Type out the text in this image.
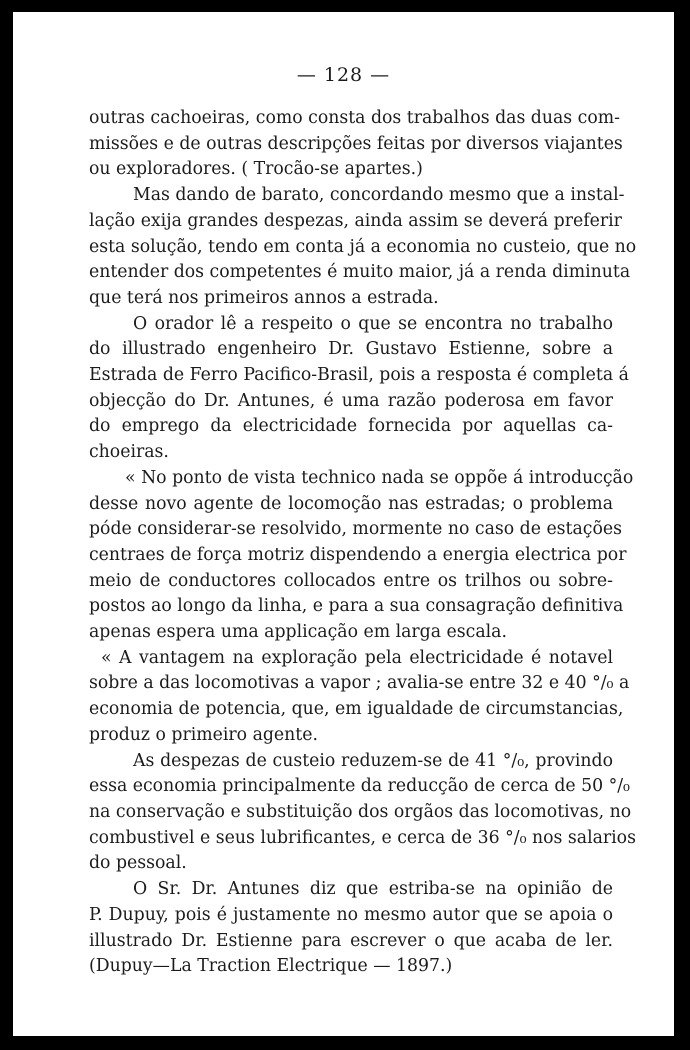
— 128 —
outras cachoeiras, como consta dos trabalhos das duas com-
missões e de outras descripções feitas por diversos viajantes
ou exploradores. ( Trocão-se apartes.)
Mas dando de barato, concordando mesmo que a instal-
lação exija grandes despezas, ainda assim se deverá preferir
esta solução, tendo em conta já a economia no custeio, que no
entender dos competentes é muito maior, já a renda diminuta
que terá nos primeiros annos a estrada.
O orador lê a respeito o que se encontra no trabalho
do illustrado engenheiro Dr. Gustavo Estienne, sobre a
Estrada de Ferro Pacifico-Brasil, pois a resposta é completa á
objecção do Dr. Antunes, é uma razão poderosa em favor
do emprego da electricidade fornecida por aquellas ca-
choeiras.
« No ponto de vista technico nada se oppõe á introducção
desse novo agente de locomoção nas estradas; o problema
póde considerar-se resolvido, mormente no caso de estações
centraes de força motriz dispendendo a energia electrica por
meio de conductores collocados entre os trilhos ou sobre-
postos ao longo da linha, e para a sua consagração definitiva
apenas espera uma applicação em larga escala.
« A vantagem na exploração pela electricidade é notavel
sobre a das locomotivas a vapor ; avalia-se entre 32 e 40 °/₀ a
economia de potencia, que, em igualdade de circumstancias,
produz o primeiro agente.
As despezas de custeio reduzem-se de 41 °/₀, provindo
essa economia principalmente da reducção de cerca de 50 °/₀
na conservação e substituição dos orgãos das locomotivas, no
combustivel e seus lubrificantes, e cerca de 36 °/₀ nos salarios
do pessoal.
O Sr. Dr. Antunes diz que estriba-se na opinião de
P. Dupuy, pois é justamente no mesmo autor que se apoia o
illustrado Dr. Estienne para escrever o que acaba de ler.
(Dupuy—La Traction Electrique — 1897.)
